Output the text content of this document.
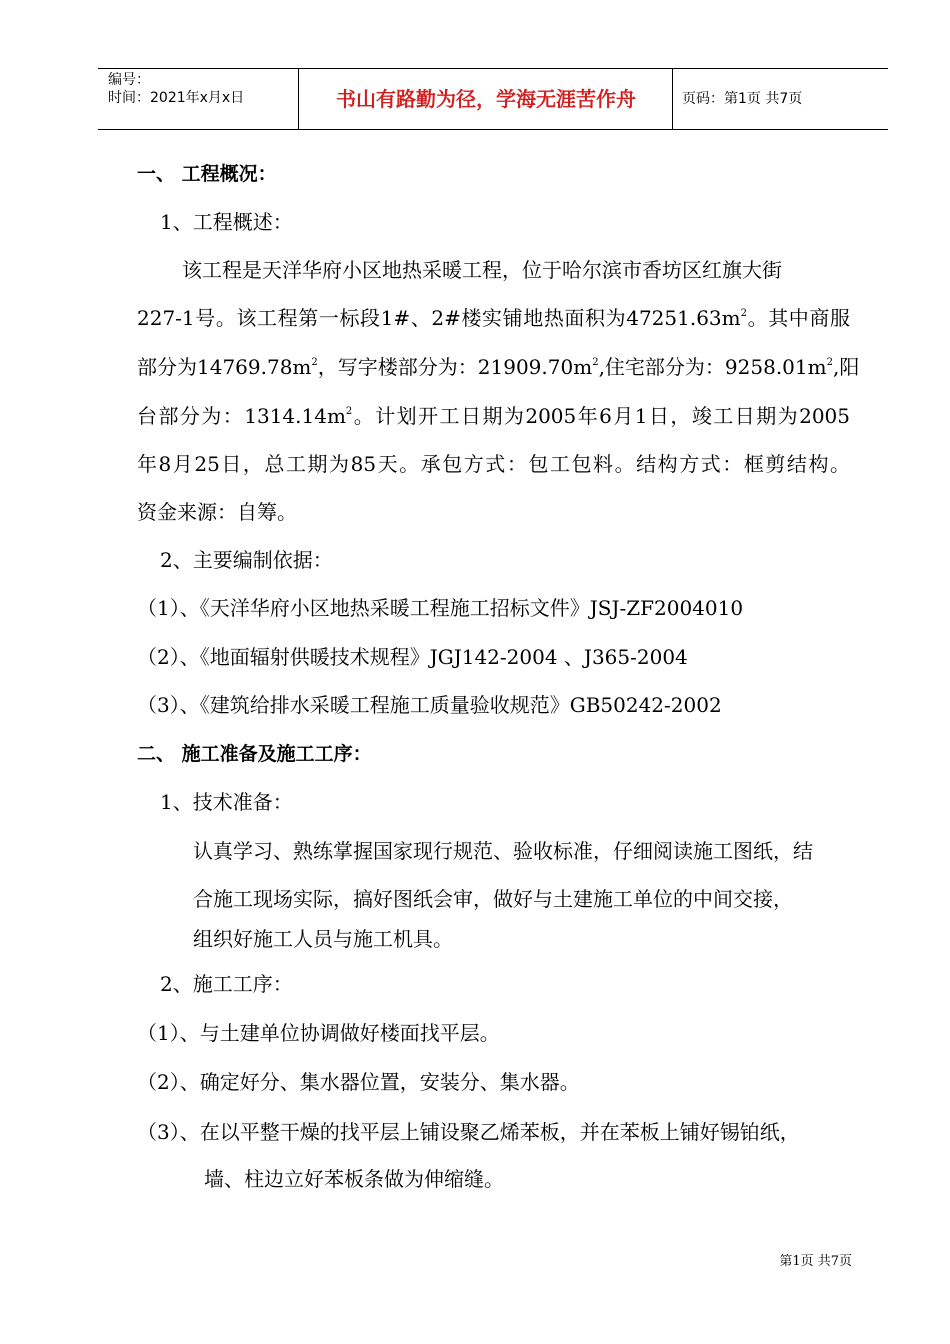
编号：
时间：2021年x月x日	书山有路勤为径，学海无涯苦作舟	页码：第1页 共7页
一、 工程概况：
1、工程概述：
该工程是天洋华府小区地热采暖工程，位于哈尔滨市香坊区红旗大街
227-1号。该工程第一标段1#、2#楼实铺地热面积为$47251.63m^2$。其中商服
部分为$14769.78m^2$，写字楼部分为：$21909.70m^2$,住宅部分为：$9258.01m^2$,阳
台部分为：$1314.14m^2$。计划开工日期为2005年6月1日，竣工日期为2005
年8月25日，总工期为85天。承包方式：包工包料。结构方式：框剪结构。
资金来源：自筹。
2、主要编制依据：
（1）、《天洋华府小区地热采暖工程施工招标文件》JSJ-ZF2004010
（2）、《地面辐射供暖技术规程》JGJ142-2004 、J365-2004
（3）、《建筑给排水采暖工程施工质量验收规范》GB50242-2002
二、 施工准备及施工工序：
1、技术准备：
认真学习、熟练掌握国家现行规范、验收标准，仔细阅读施工图纸，结
合施工现场实际，搞好图纸会审，做好与土建施工单位的中间交接，
组织好施工人员与施工机具。
2、施工工序：
（1）、与土建单位协调做好楼面找平层。
（2）、确定好分、集水器位置，安装分、集水器。
（3）、在以平整干燥的找平层上铺设聚乙烯苯板，并在苯板上铺好锡铂纸，
墙、柱边立好苯板条做为伸缩缝。
第1页 共7页
